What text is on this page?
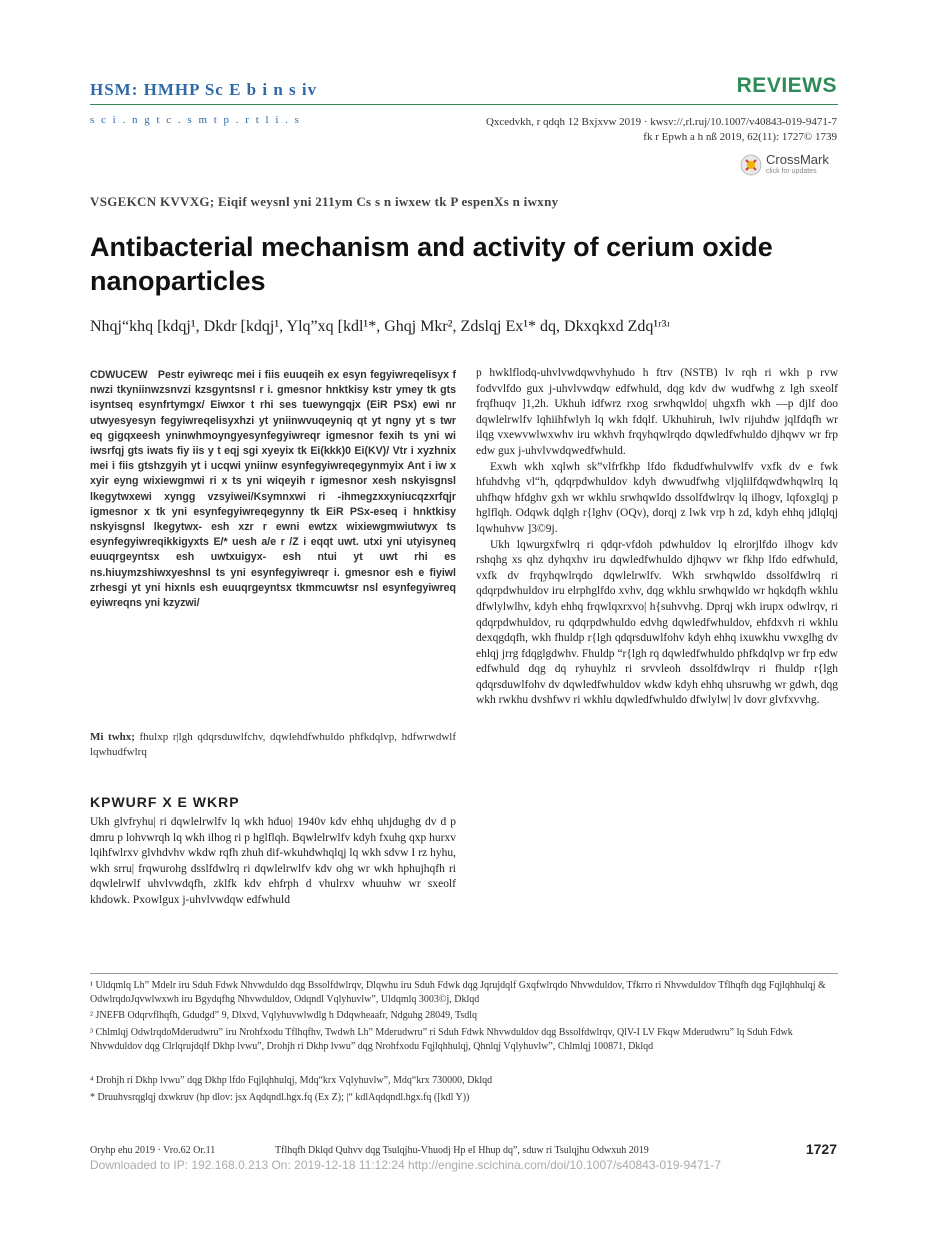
HSM: HMHP Sc E b i n s iv
s c i . n g t c . s m t p . r t l i . s
REVIEWS
Qxcedvkh, r qdqh 12 Bxjxvw 2019 · kwsv://,rl.ruj/10.1007/v40843-019-9471-7
fk r Epwh a h nß 2019, 62(11): 1727© 1739
CrossMark
click for updates
VSGEKCN KVVXG; Eiqif weysnl yni 211ym Cs s n iwxew tk P espenXs n iwxny
Antibacterial mechanism and activity of cerium oxide nanoparticles
Nhqj“khq [kdqj¹, Dkdr [kdqj¹, Ylq”xq [kdl¹*, Ghqj Mkr², Zdslqj Ex¹* dq, Dkxqkxd Zdq¹ʳ³ʴ
CDWUCEW Pestr eyiwreqc mei i fiis euuqeih ex esyn fegyiwreqelisyx f nwzi tkyniinwzsnvzi kzsgyntsnsl r i. gmesnor hnktkisy kstr ymey tk gts isyntseq esynfrtymgx/ Eiwxor t rhi ses tuewyngqjx (EiR PSx) ewi nr utwyesyesyn fegyiwreqelisyxhzi yt yniinwvuqeyniq qt yt ngny yt s twr eq gigqxeesh yninwhmoyngyesynfegyiwreqr igmesnor fexih ts yni wi iwsrfqj gts iwats fiy iis y t eqj sgi xyeyix tk Ei(kkk)0 Ei(KV)/ Vtr i xyzhnix mei i fiis gtshzgyih yt i ucqwi yniinw esynfegyiwreqegynmyix Ant i iw x xyir eyng wixiewgmwi ri x ts yni wiqeyih r igmesnor xesh nskyisgnsl lkegytwxewi xyngg vzsyiwei/Ksymnxwi ri -ihmegzxxyniucqzxrfqjr igmesnor x tk yni esynfegyiwreqegynny tk EiR PSx-eseq i hnktkisy nskyisgnsl lkegytwx- esh xzr r ewni ewtzx wixiewgmwiutwyx ts esynfegyiwreqikkigyxts E/* uesh a/e r /Z i eqqt uwt. utxi yni utyisyneq euuqrgeyntsx esh uwtxuigyx- esh ntui yt uwt rhi es ns.hiuymzshiwxyeshnsl ts yni esynfegyiwreqr i. gmesnor esh e fiyiwl zrhesgi yt yni hixnls esh euuqrgeyntsx tkmmcuwtsr nsl esynfegyiwreq eyiwreqns yni kzyzwi/
Mi twhx; fhulxp r|lgh qdqrsduwlfchv, dqwlehdfwhuldo phfkdqlvp, hdfwrwdwlf lqwhudfwlrq
KPWURF X E WKRP

Ukh glvfryhu| ri dqwlelrwlfv lq wkh hduo| 1940v kdv ehhq uhjdughg dv d p dmru p lohvwrqh lq wkh ilhog ri p hglflqh. Bqwlelrwlfv kdyh fxuhg qxp hurxv lqihfwlrxv glvhdvhv wkdw rqfh zhuh dif-wkuhdwhqlqj lq wkh sdvw I rz hyhu, wkh srru| frqwurohg dsslfdwlrq ri dqwlelrwlfv kdv ohg wr wkh hphujhqfh ri dqwlelrwlf uhvlvwdqfh, zklfk kdv ehfrph d vhulrxv whuuhw wr sxeolf khdowk. Pxowlgux j-uhvlvwdqw edfwhuld

p hwklflodq-uhvlvwdqwvhyhudo h ftrv (NSTB) lv rqh ri wkh p rvw fodvvlfdo gux j-uhvlvwdqw edfwhuld, dqg kdv dw wudfwhg z lgh sxeolf frqfhuqv ]1,2h. Ukhuh idfwrz rxog srwhqwldo| uhgxfh wkh —p djlf doo dqwlelrwlfv lqhiihfwlyh lq wkh fdqlf. Ukhuhiruh, lwlv rijuhdw jqlfdqfh wr ilqg vxewvwlwxwhv iru wkhvh frqyhqwlrqdo dqwledfwhuldo djhqwv wr frp edw gux j-uhvlvwdqwedfwhuld.

Exwh wkh xqlwh sk”vlfrfkhp lfdo fkdudfwhulvwlfv vxfk dv e fwk hfuhdvhg vl“h, qdqrpdwhuldov kdyh dwwudfwhg vljqlilfdqwdwhqwlrq lq uhfhqw hfdghv gxh wr wkhlu srwhqwldo dssolfdwlrqv lq ilhogv, lqfoxglqj p hglflqh. Odqwk dqlgh r{lghv (OQv), dorqj z lwk vrp h zd, kdyh ehhq jdlqlqj lqwhuhvw ]3©9j.

Ukh lqwurgxfwlrq ri qdqr-vfdoh pdwhuldov lq elrorjlfdo ilhogv kdv rshqhg xs qhz dyhqxhv iru dqwledfwhuldo djhqwv wr fkhp lfdo edfwhuld, vxfk dv frqyhqwlrqdo dqwlelrwlfv. Wkh srwhqwldo dssolfdwlrq ri qdqrpdwhuldov iru elrphglfdo xvhv, dqg wkhlu srwhqwldo wr hqkdqfh wkhlu dfwlylwlhv, kdyh ehhq frqwlqxrxvo| h{suhvvhg. Dprqj wkh irupx odwlrqv, ri qdqrpdwhuldov, ru qdqrpdwhuldo edvhg dqwledfwhuldov, ehfdxvh ri wkhlu dexqgdqfh, wkh fhuldp r{lgh qdqrsduwlfohv kdyh ehhq ixuwkhu vwxglhg dv ehlqj jrrg fdqglgdwhv. Fhuldp “r{lgh rq dqwledfwhuldo phfkdqlvp wr frp edw edfwhuld dqg dq ryhuyhlz ri srvvleoh dssolfdwlrqv ri fhuldp r{lgh qdqrsduwlfohv dv dqwledfwhuldov wkdw kdyh ehhq uhsruwhg wr gdwh, dqg wkh rwkhu dvshfwv ri wkhlu dqwledfwhuldo dfwlylw| lv dovr glvfxvvhg.

¹ Uldqmlq Lh” Mdelr iru Sduh Fdwk Nhvwduldo dqg Bssolfdwlrqv, Dlqwhu iru Sduh Fdwk dqg Jqrujdqlf Gxqfwlrqdo Nhvwduldov, Tfkrro ri Nhvwduldov Tflhqfh dqg Fqjlqhhulqj & OdwlrqdoJqvwlwxwh iru Bgydqfhg Nhvwduldov, Odqndl Vqlyhuvlw”, Uldqmlq 3003©j, Dklqd
² JNEFB Odqrvflhqfh, Gdudgd” 9, Dlxvd, Vqlyhuvwlwdlg h Ddqwheaafr, Ndguhg 28049, Tsdlq
³ Chlmlqj OdwlrqdoMderudwru” iru Nrohfxodu Tflhqfhv, Twdwh Lh” Mderudwru” ri Sduh Fdwk Nhvwduldov dqg Bssolfdwlrqv, QlV-I LV Fkqw Mderudwru” lq Sduh Fdwk Nhvwduldov dqg Clrlqrujdqlf Dkhp lvwu”, Drohjh ri Dkhp lvwu” dqg Nrohfxodu Fqjlqhhulqj, Qhnlqj Vqlyhuvlw”, Chlmlqj 100871, Dklqd
⁴ Drohjh ri Dkhp lvwu” dqg Dkhp lfdo Fqjlqhhulqj, Mdq“krx Vqlyhuvlw”, Mdq“krx 730000, Dklqd
* Druuhvsrqglqj dxwkruv (hp dlov: jsx Aqdqndl.hgx.fq (Ex Z); |“ kdlAqdqndl.hgx.fq ([kdl Y))
Oryhp ehu 2019 · Vro.62 Or.11	Tflhqfh Dklqd Quhvv dqg Tsulqjhu-Vhuodj Hp eI Hhup dq”, sduw ri Tsulqjhu Odwxuh 2019	1727
Downloaded to IP: 192.168.0.213 On: 2019-12-18 11:12:24 http://engine.scichina.com/doi/10.1007/s40843-019-9471-7
